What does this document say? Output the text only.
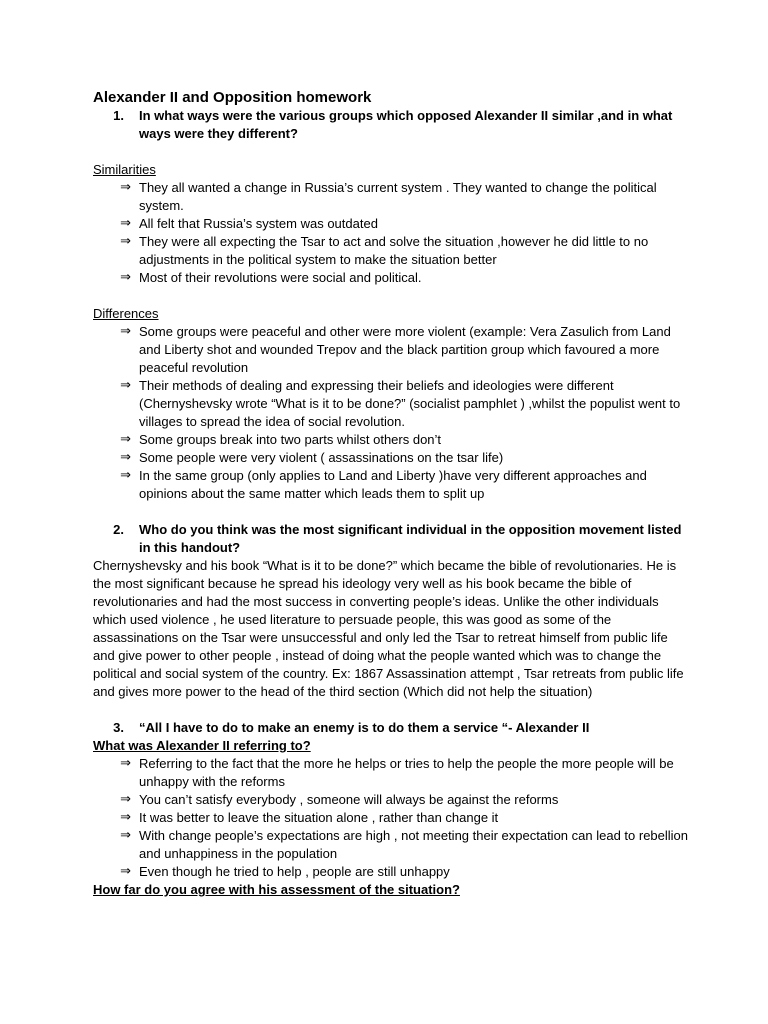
Alexander II and Opposition homework

1.	In what ways were the various groups which opposed Alexander II similar ,and in what ways were they different?
Similarities
⇒ They all wanted a change in Russia’s current system . They wanted to change the political system.
⇒ All felt that Russia’s system was outdated
⇒ They were all expecting the Tsar to act and solve the situation ,however he did little to no adjustments in the political system to make the situation better
⇒ Most of their revolutions were social and political.
Differences
⇒ Some groups were peaceful and other were more violent (example: Vera Zasulich from Land and Liberty shot and wounded Trepov and the black partition group which favoured a more peaceful revolution
⇒ Their methods of dealing and expressing their beliefs and ideologies were different (Chernyshevsky wrote “What is it to be done?” (socialist pamphlet ) ,whilst the populist went to villages to spread the idea of social revolution.
⇒ Some groups break into two parts whilst others don’t
⇒ Some people were very violent ( assassinations on the tsar life)
⇒ In the same group (only applies to Land and Liberty )have very different approaches and opinions about the same matter which leads them to split up
2.	Who do you think was the most significant individual in the opposition movement listed in this handout?

Chernyshevsky and his book “What is it to be done?” which became the bible of revolutionaries. He is the most significant because he spread his ideology very well as his book became the bible of revolutionaries and had the most success in converting people’s ideas. Unlike the other individuals which used violence , he used literature to persuade people, this was good as some of the assassinations on the Tsar were unsuccessful and only led the Tsar to retreat himself from public life and give power to other people , instead of doing what the people wanted which was to change the political and social system of the country. Ex: 1867 Assassination attempt , Tsar retreats from public life and gives more power to the head of the third section (Which did not help the situation)

3.	“All I have to do to make an enemy is to do them a service “- Alexander II
What was Alexander II referring to?
⇒ Referring to the fact that the more he helps or tries to help the people the more people will be unhappy with the reforms
⇒ You can’t satisfy everybody , someone will always be against the reforms
⇒ It was better to leave the situation alone , rather than change it
⇒ With change people’s expectations are high , not meeting their expectation can lead to rebellion and unhappiness in the population
⇒ Even though he tried to help , people are still unhappy
How far do you agree with his assessment of the situation?
